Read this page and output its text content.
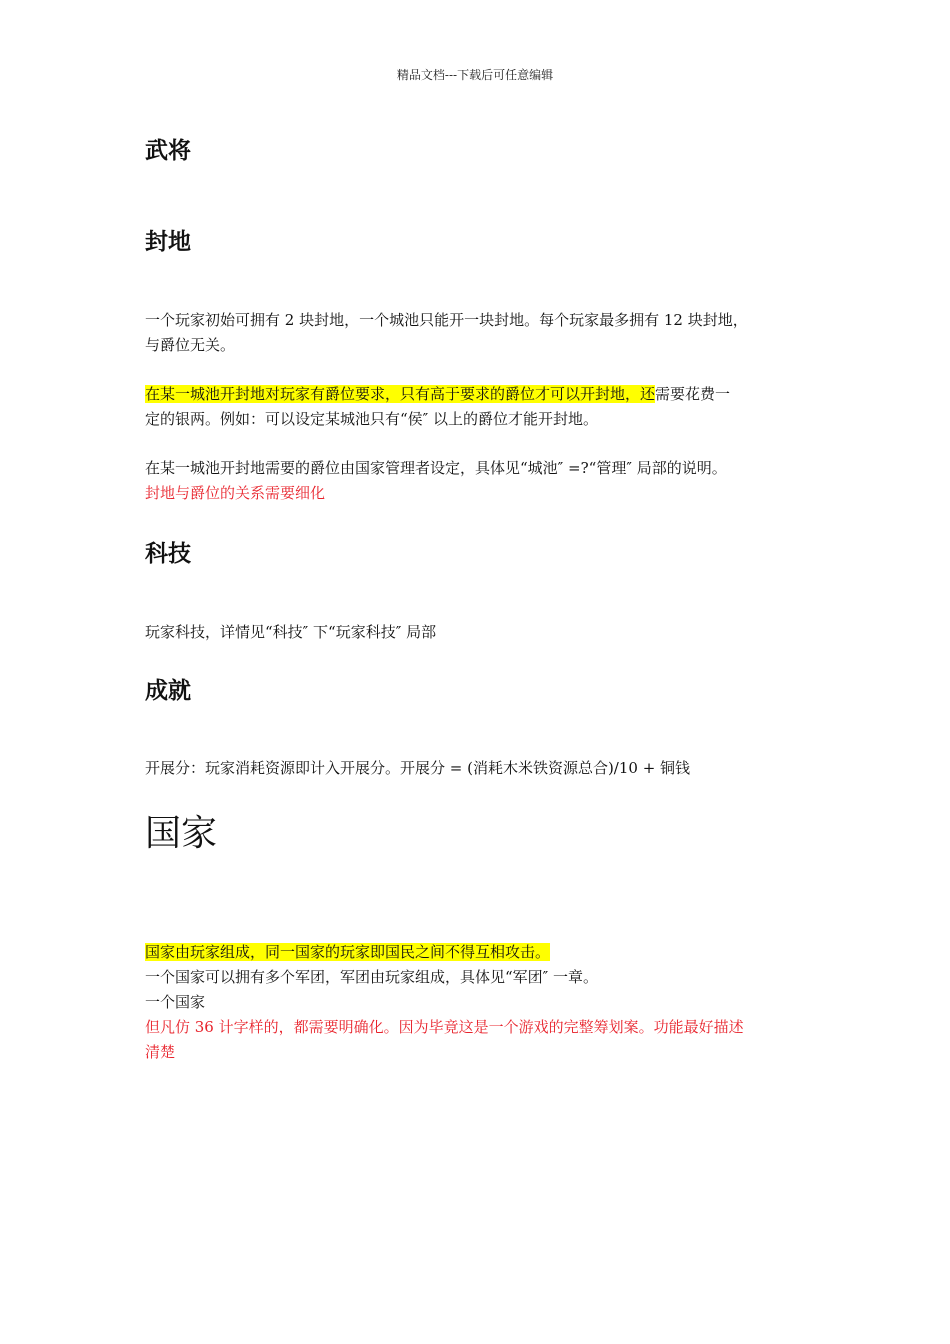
精品文档---下载后可任意编辑
武将
封地

一个玩家初始可拥有 2 块封地，一个城池只能开一块封地。每个玩家最多拥有 12 块封地，
与爵位无关。

在某一城池开封地对玩家有爵位要求，只有高于要求的爵位才可以开封地，还需要花费一
定的银两。例如：可以设定某城池只有“侯″ 以上的爵位才能开封地。

在某一城池开封地需要的爵位由国家管理者设定，具体见“城池″ =?“管理″ 局部的说明。
封地与爵位的关系需要细化

科技

玩家科技，详情见“科技″ 下“玩家科技″ 局部

成就

开展分：玩家消耗资源即计入开展分。开展分 = (消耗木米铁资源总合)/10 + 铜钱

国家

国家由玩家组成，同一国家的玩家即国民之间不得互相攻击。
一个国家可以拥有多个军团，军团由玩家组成，具体见“军团″ 一章。
一个国家
但凡仿 36 计字样的，都需要明确化。因为毕竟这是一个游戏的完整筹划案。功能最好描述
清楚
